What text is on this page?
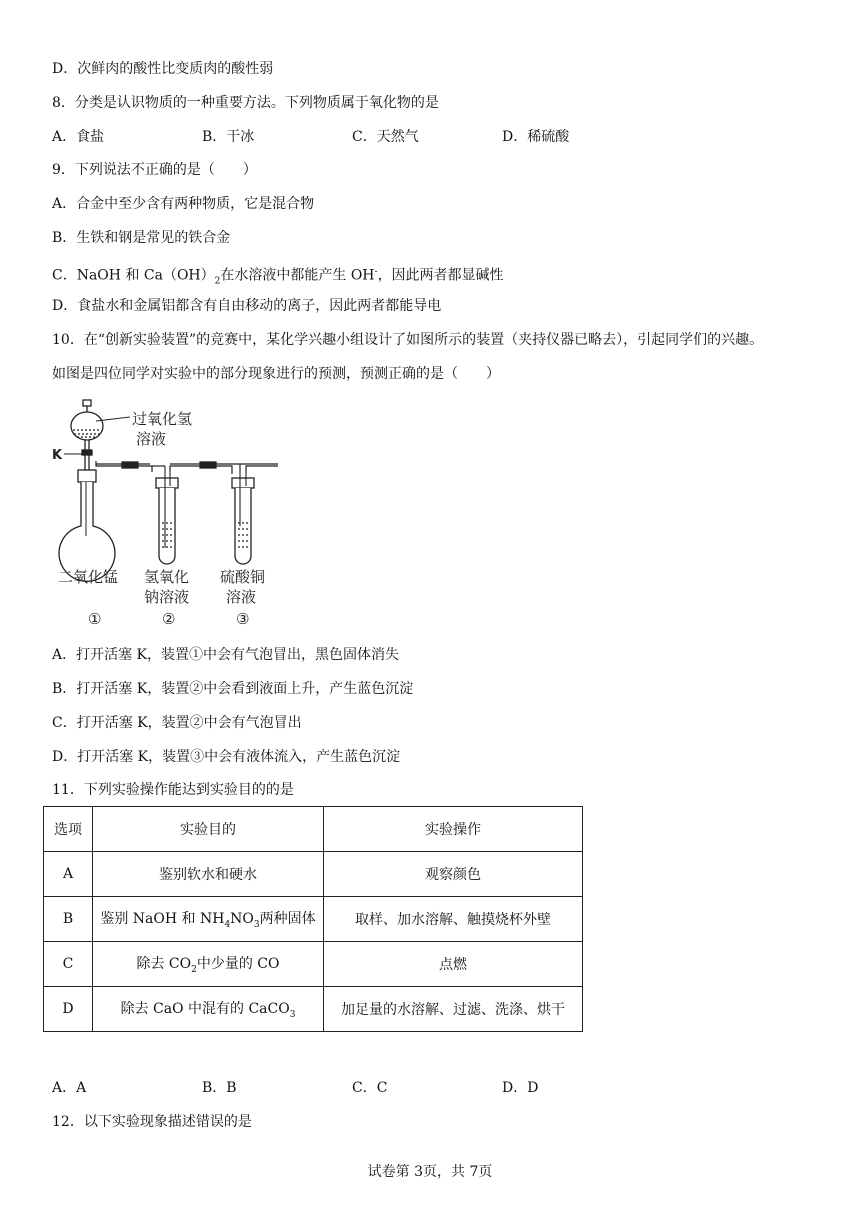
D．次鲜肉的酸性比变质肉的酸性弱
8．分类是认识物质的一种重要方法。下列物质属于氧化物的是
A．食盐	B．干冰	C．天然气	D．稀硫酸
9．下列说法不正确的是（　　）
A．合金中至少含有两种物质，它是混合物
B．生铁和钢是常见的铁合金
C．NaOH 和 $Ca(OH)_2$在水溶液中都能产生 OH-，因此两者都显碱性
D．食盐水和金属铝都含有自由移动的离子，因此两者都能导电
10．在“创新实验装置”的竞赛中，某化学兴趣小组设计了如图所示的装置（夹持仪器已略去），引起同学们的兴趣。
如图是四位同学对实验中的部分现象进行的预测，预测正确的是（　　）
过氧化氢
溶液
K
二氧化锰 氢氧化
钠溶液
硫酸铜
溶液
①	②	③
A．打开活塞 K，装置①中会有气泡冒出，黑色固体消失
B．打开活塞 K，装置②中会看到液面上升，产生蓝色沉淀
C．打开活塞 K，装置②中会有气泡冒出
D．打开活塞 K，装置③中会有液体流入，产生蓝色沉淀
11．下列实验操作能达到实验目的的是
选项	实验目的	实验操作
A	鉴别软水和硬水	观察颜色
B	鉴别 NaOH 和 $NH_4NO_3$两种固体	取样、加水溶解、触摸烧杯外壁
C	除去 $CO_2$中少量的 CO	点燃
D	除去 CaO 中混有的 CaCO$_3$	加足量的水溶解、过滤、洗涤、烘干
A．A	B．B	C．C	D．D
12．以下实验现象描述错误的是
试卷第 3页，共 7页
